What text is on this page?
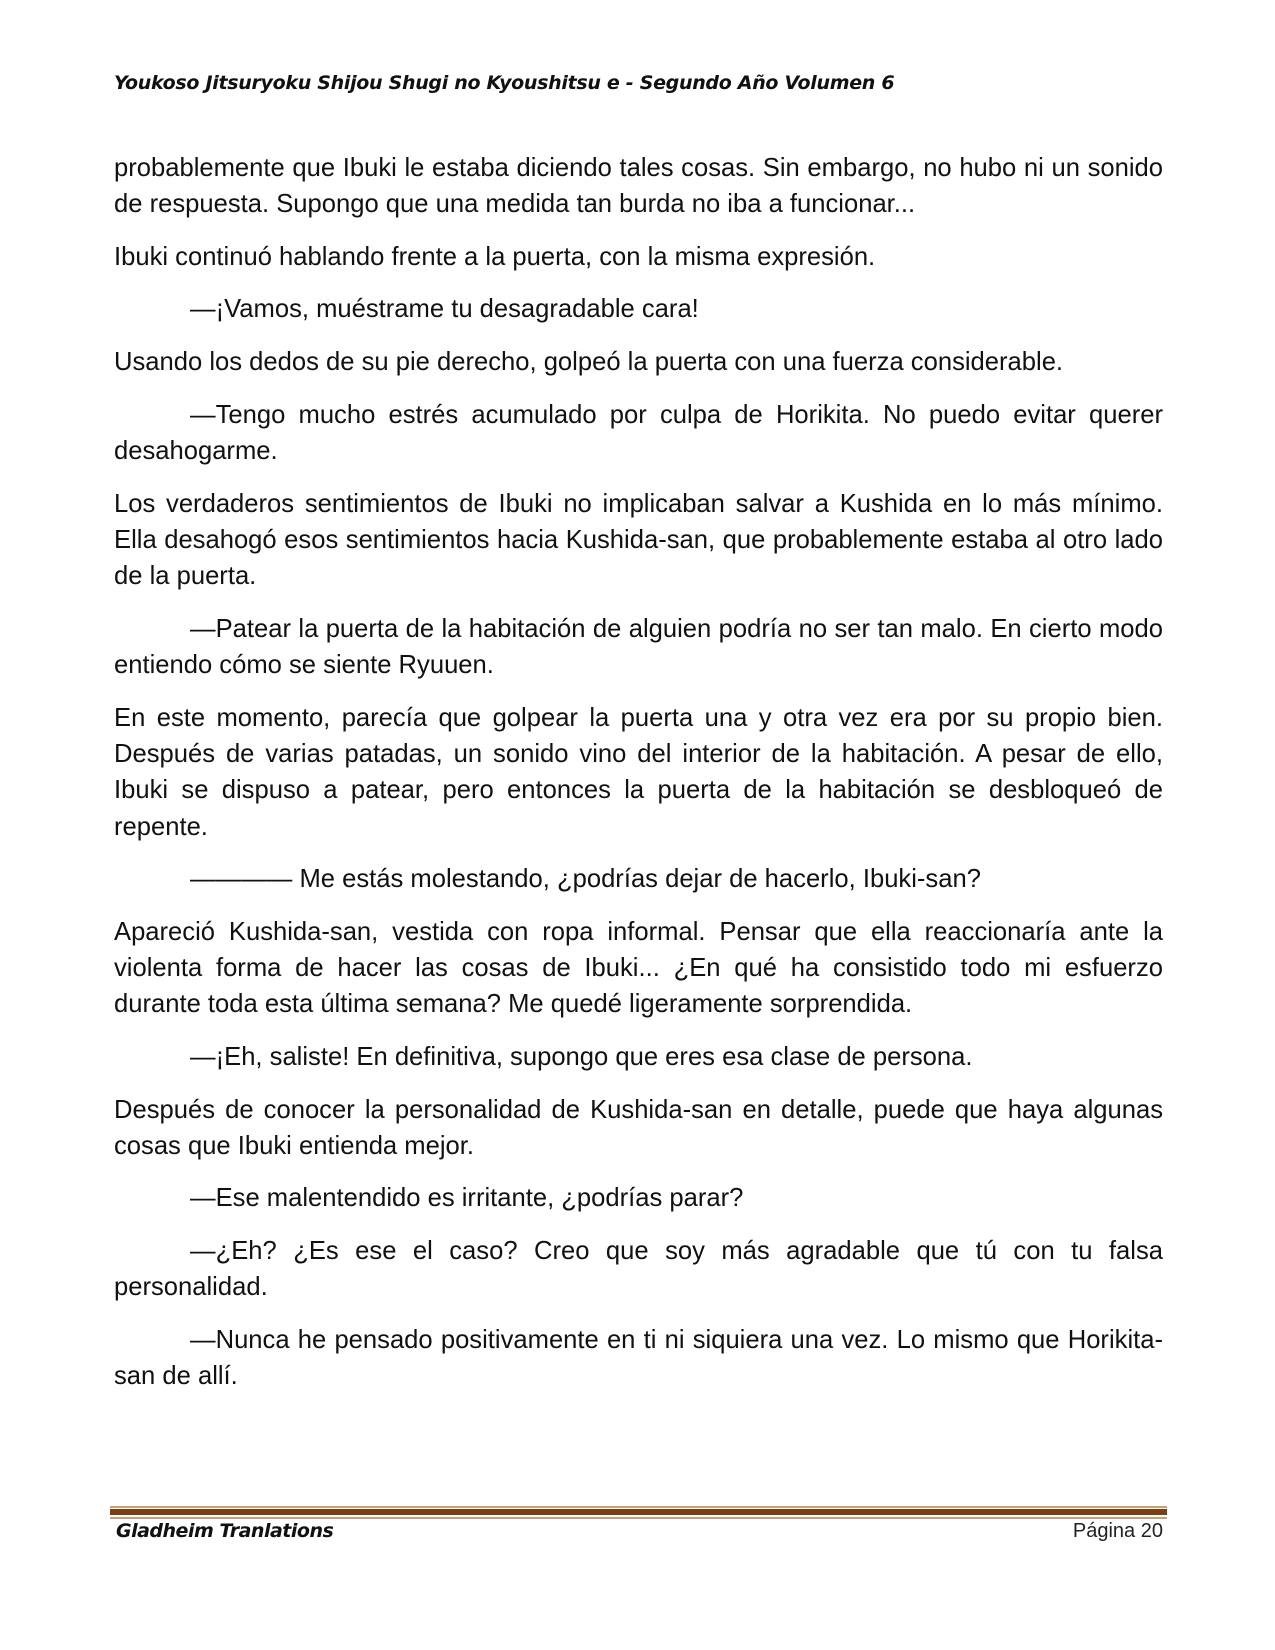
Youkoso Jitsuryoku Shijou Shugi no Kyoushitsu e - Segundo Año Volumen 6

probablemente que Ibuki le estaba diciendo tales cosas. Sin embargo, no hubo ni un sonido de respuesta. Supongo que una medida tan burda no iba a funcionar...

Ibuki continuó hablando frente a la puerta, con la misma expresión.

—¡Vamos, muéstrame tu desagradable cara!

Usando los dedos de su pie derecho, golpeó la puerta con una fuerza considerable.

—Tengo mucho estrés acumulado por culpa de Horikita. No puedo evitar querer desahogarme.

Los verdaderos sentimientos de Ibuki no implicaban salvar a Kushida en lo más mínimo. Ella desahogó esos sentimientos hacia Kushida-san, que probablemente estaba al otro lado de la puerta.

—Patear la puerta de la habitación de alguien podría no ser tan malo. En cierto modo entiendo cómo se siente Ryuuen.

En este momento, parecía que golpear la puerta una y otra vez era por su propio bien. Después de varias patadas, un sonido vino del interior de la habitación. A pesar de ello, Ibuki se dispuso a patear, pero entonces la puerta de la habitación se desbloqueó de repente.

———— Me estás molestando, ¿podrías dejar de hacerlo, Ibuki-san?

Apareció Kushida-san, vestida con ropa informal. Pensar que ella reaccionaría ante la violenta forma de hacer las cosas de Ibuki... ¿En qué ha consistido todo mi esfuerzo durante toda esta última semana? Me quedé ligeramente sorprendida.

—¡Eh, saliste! En definitiva, supongo que eres esa clase de persona.

Después de conocer la personalidad de Kushida-san en detalle, puede que haya algunas cosas que Ibuki entienda mejor.

—Ese malentendido es irritante, ¿podrías parar?

—¿Eh? ¿Es ese el caso? Creo que soy más agradable que tú con tu falsa personalidad.

—Nunca he pensado positivamente en ti ni siquiera una vez. Lo mismo que Horikita-san de allí.

Gladheim Tranlations	Página 20
